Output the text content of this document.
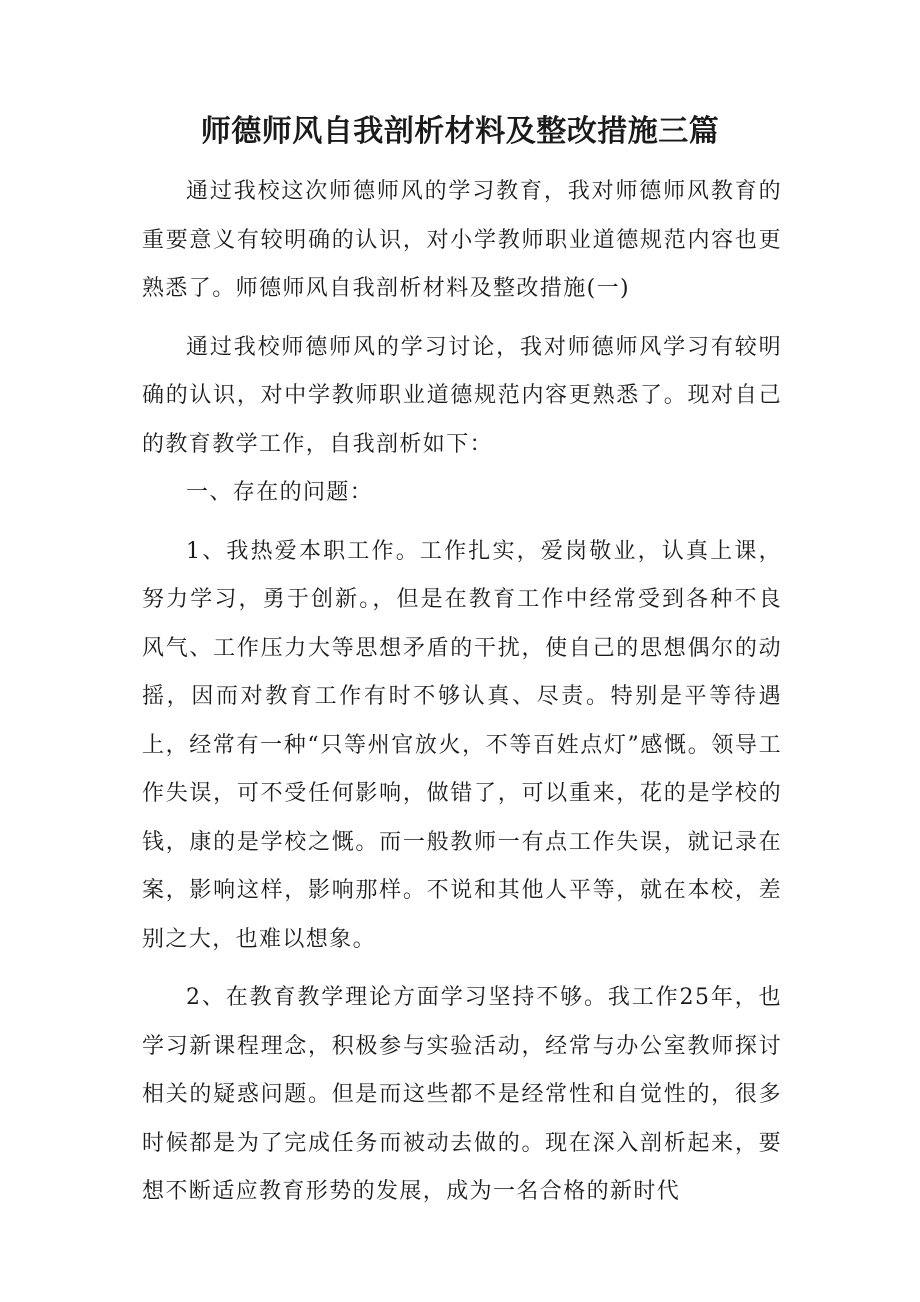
师德师风自我剖析材料及整改措施三篇

通过我校这次师德师风的学习教育，我对师德师风教育的重要意义有较明确的认识，对小学教师职业道德规范内容也更熟悉了。师德师风自我剖析材料及整改措施(一)

通过我校师德师风的学习讨论，我对师德师风学习有较明确的认识，对中学教师职业道德规范内容更熟悉了。现对自己的教育教学工作，自我剖析如下：

一、存在的问题：

1、我热爱本职工作。工作扎实，爱岗敬业，认真上课，努力学习，勇于创新。，但是在教育工作中经常受到各种不良风气、工作压力大等思想矛盾的干扰，使自己的思想偶尔的动摇，因而对教育工作有时不够认真、尽责。特别是平等待遇上，经常有一种“只等州官放火，不等百姓点灯”感慨。领导工作失误，可不受任何影响，做错了，可以重来，花的是学校的钱，康的是学校之慨。而一般教师一有点工作失误，就记录在案，影响这样，影响那样。不说和其他人平等，就在本校，差别之大，也难以想象。

2、在教育教学理论方面学习坚持不够。我工作25年，也学习新课程理念，积极参与实验活动，经常与办公室教师探讨相关的疑惑问题。但是而这些都不是经常性和自觉性的，很多时候都是为了完成任务而被动去做的。现在深入剖析起来，要想不断适应教育形势的发展，成为一名合格的新时代
